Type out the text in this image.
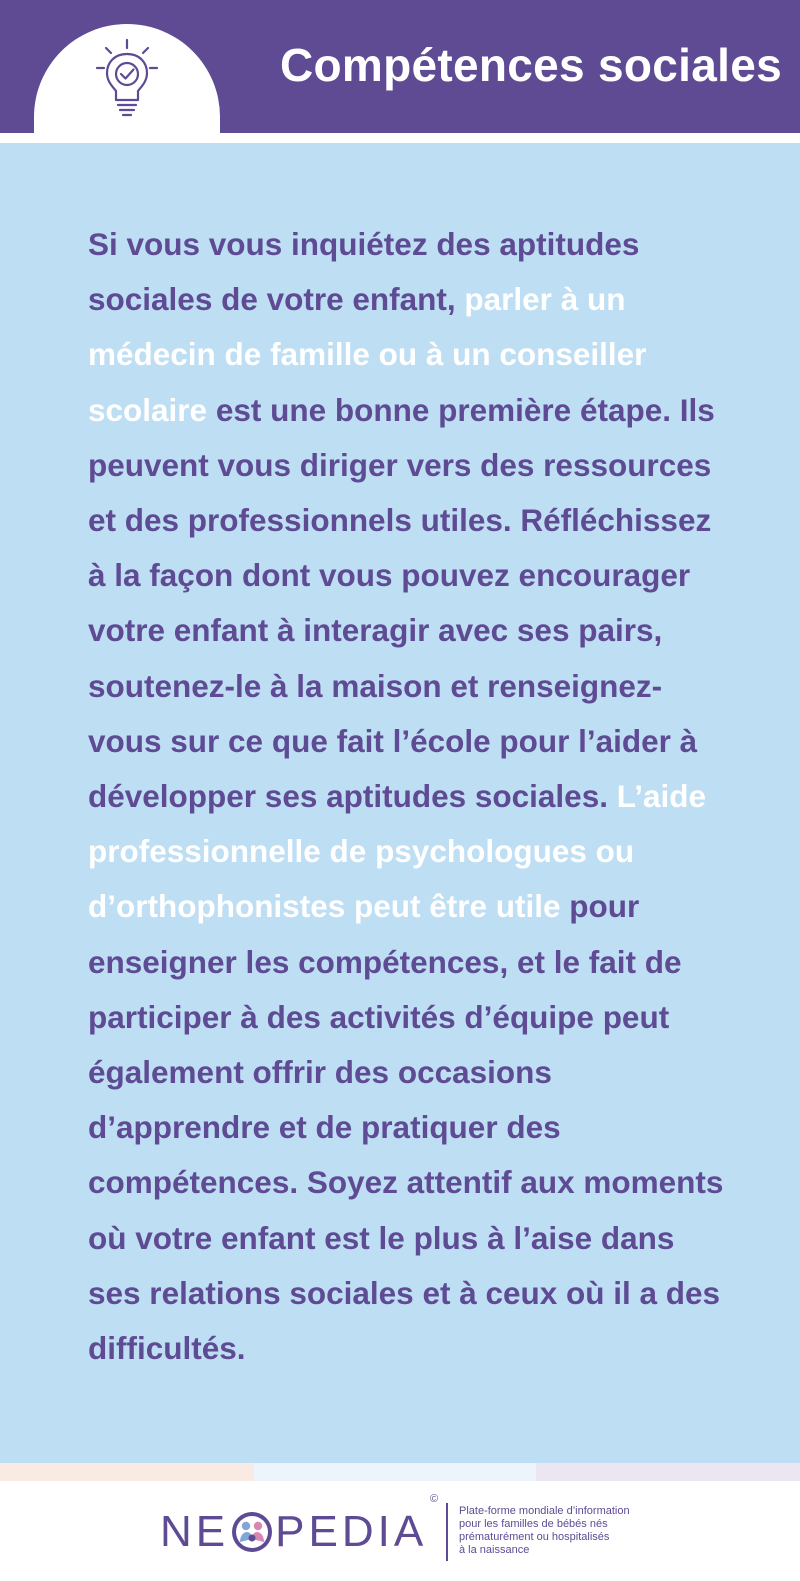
Compétences sociales

Si vous vous inquiétez des aptitudes sociales de votre enfant, parler à un médecin de famille ou à un conseiller scolaire est une bonne première étape. Ils peuvent vous diriger vers des ressources et des professionnels utiles. Réfléchissez à la façon dont vous pouvez encourager votre enfant à interagir avec ses pairs, soutenez-le à la maison et renseignez-vous sur ce que fait l’école pour l’aider à développer ses aptitudes sociales. L’aide professionnelle de psychologues ou d’orthophonistes peut être utile pour enseigner les compétences, et le fait de participer à des activités d’équipe peut également offrir des occasions d’apprendre et de pratiquer des compétences. Soyez attentif aux moments où votre enfant est le plus à l’aise dans ses relations sociales et à ceux où il a des difficultés.

NE PEDIA
©

Plate-forme mondiale d’information
pour les familles de bébés nés
prématurément ou hospitalisés
à la naissance
